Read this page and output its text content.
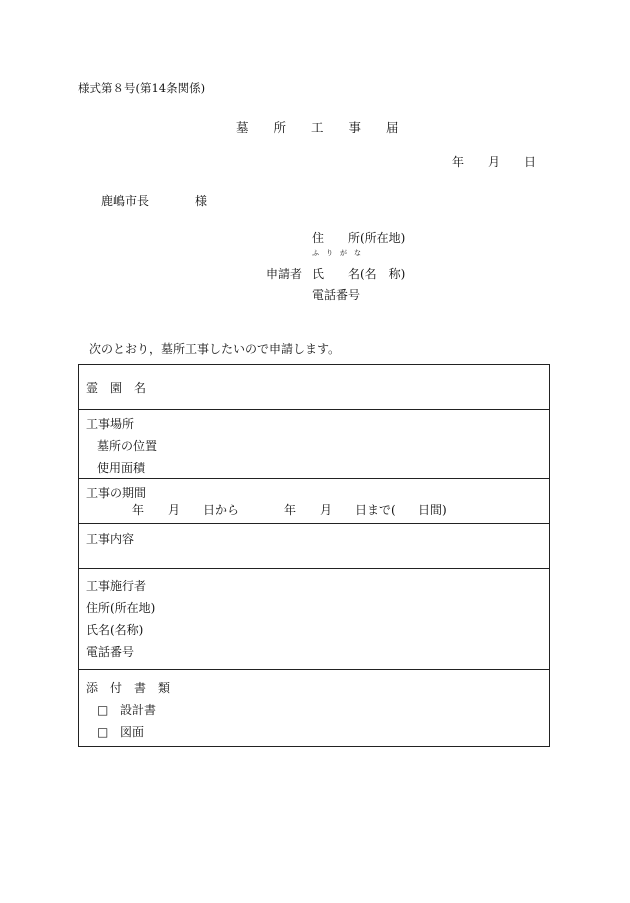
様式第８号(第14条関係)
墓　　所　　工　　事　　届
年　　月　　日
鹿嶋市長	様
住　　所(所在地)
ふ　り　が　な
申請者 氏　　名(名　称)
電話番号
次のとおり，墓所工事したいので申請します。
霊　園　名
工事場所
墓所の位置
使用面積
工事の期間
年 月 日から	年 月 日まで( 日間)
工事内容
工事施行者
住所(所在地)
氏名(名称)
電話番号
添　付　書　類
□ 設計書
□ 図面
